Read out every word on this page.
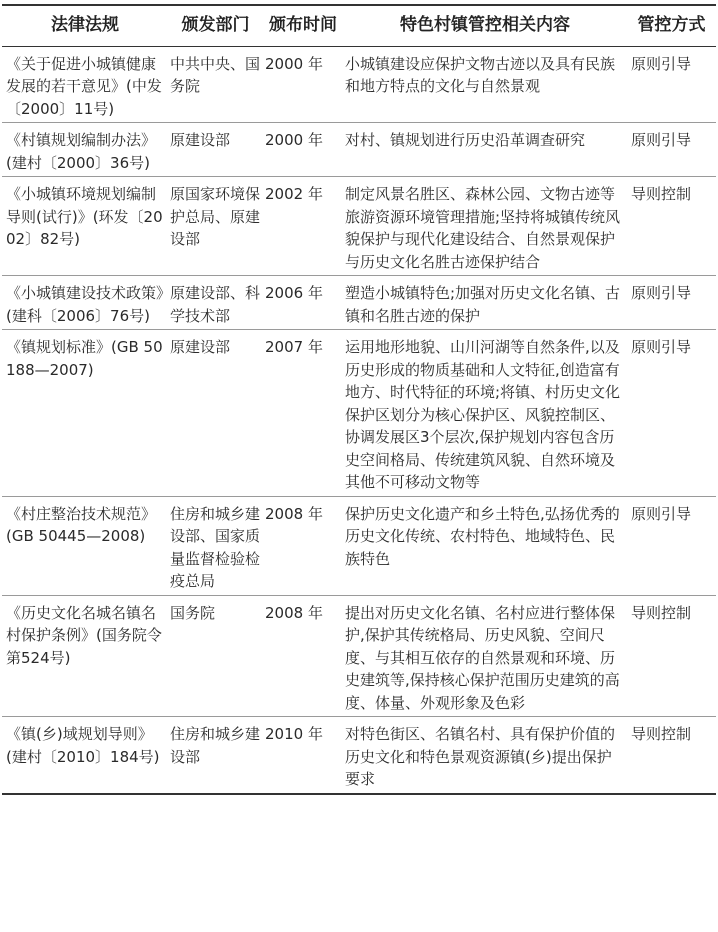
法律法规	颁发部门	颁布时间	特色村镇管控相关内容	管控方式
《关于促进小城镇健康发展的若干意见》(中发〔2000〕11号)	中共中央、国务院	2000 年	小城镇建设应保护文物古迹以及具有民族和地方特点的文化与自然景观	原则引导
《村镇规划编制办法》(建村〔2000〕36号)	原建设部	2000 年	对村、镇规划进行历史沿革调查研究	原则引导
《小城镇环境规划编制导则(试行)》(环发〔2002〕82号)	原国家环境保护总局、原建设部	2002 年	制定风景名胜区、森林公园、文物古迹等旅游资源环境管理措施;坚持将城镇传统风貌保护与现代化建设结合、自然景观保护与历史文化名胜古迹保护结合	导则控制
《小城镇建设技术政策》(建科〔2006〕76号)	原建设部、科学技术部	2006 年	塑造小城镇特色;加强对历史文化名镇、古镇和名胜古迹的保护	原则引导
《镇规划标准》(GB 50188—2007)	原建设部	2007 年	运用地形地貌、山川河湖等自然条件,以及历史形成的物质基础和人文特征,创造富有地方、时代特征的环境;将镇、村历史文化保护区划分为核心保护区、风貌控制区、协调发展区3个层次,保护规划内容包含历史空间格局、传统建筑风貌、自然环境及其他不可移动文物等	原则引导
《村庄整治技术规范》(GB 50445—2008)	住房和城乡建设部、国家质量监督检验检疫总局	2008 年	保护历史文化遗产和乡土特色,弘扬优秀的历史文化传统、农村特色、地域特色、民族特色	原则引导
《历史文化名城名镇名村保护条例》(国务院令第524号)	国务院	2008 年	提出对历史文化名镇、名村应进行整体保护,保护其传统格局、历史风貌、空间尺度、与其相互依存的自然景观和环境、历史建筑等,保持核心保护范围历史建筑的高度、体量、外观形象及色彩	导则控制
《镇(乡)域规划导则》(建村〔2010〕184号)	住房和城乡建设部	2010 年	对特色街区、名镇名村、具有保护价值的历史文化和特色景观资源镇(乡)提出保护要求	导则控制
